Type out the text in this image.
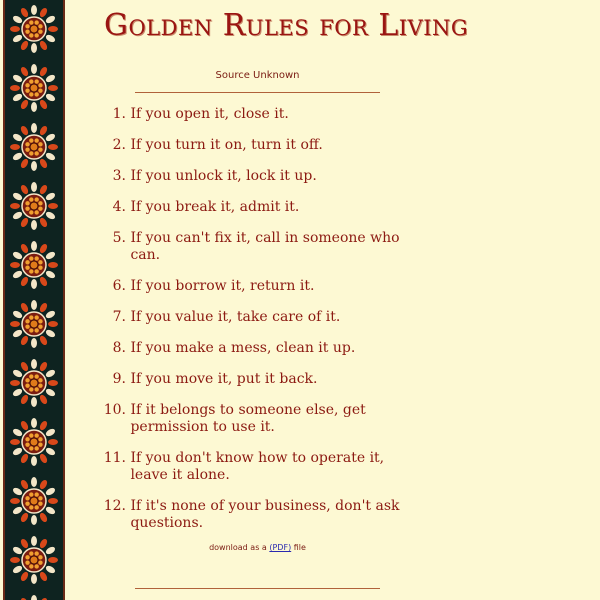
Golden Rules for Living
Source Unknown
1.
If you open it, close it.
2.
If you turn it on, turn it off.
3.
If you unlock it, lock it up.
4.
If you break it, admit it.
5.
If you can't fix it, call in someone who can.
6.
If you borrow it, return it.
7.
If you value it, take care of it.
8.
If you make a mess, clean it up.
9.
If you move it, put it back.
10.
If it belongs to someone else, get permission to use it.
11.
If you don't know how to operate it, leave it alone.
12.
If it's none of your business, don't ask questions.
download as a (PDF) file
